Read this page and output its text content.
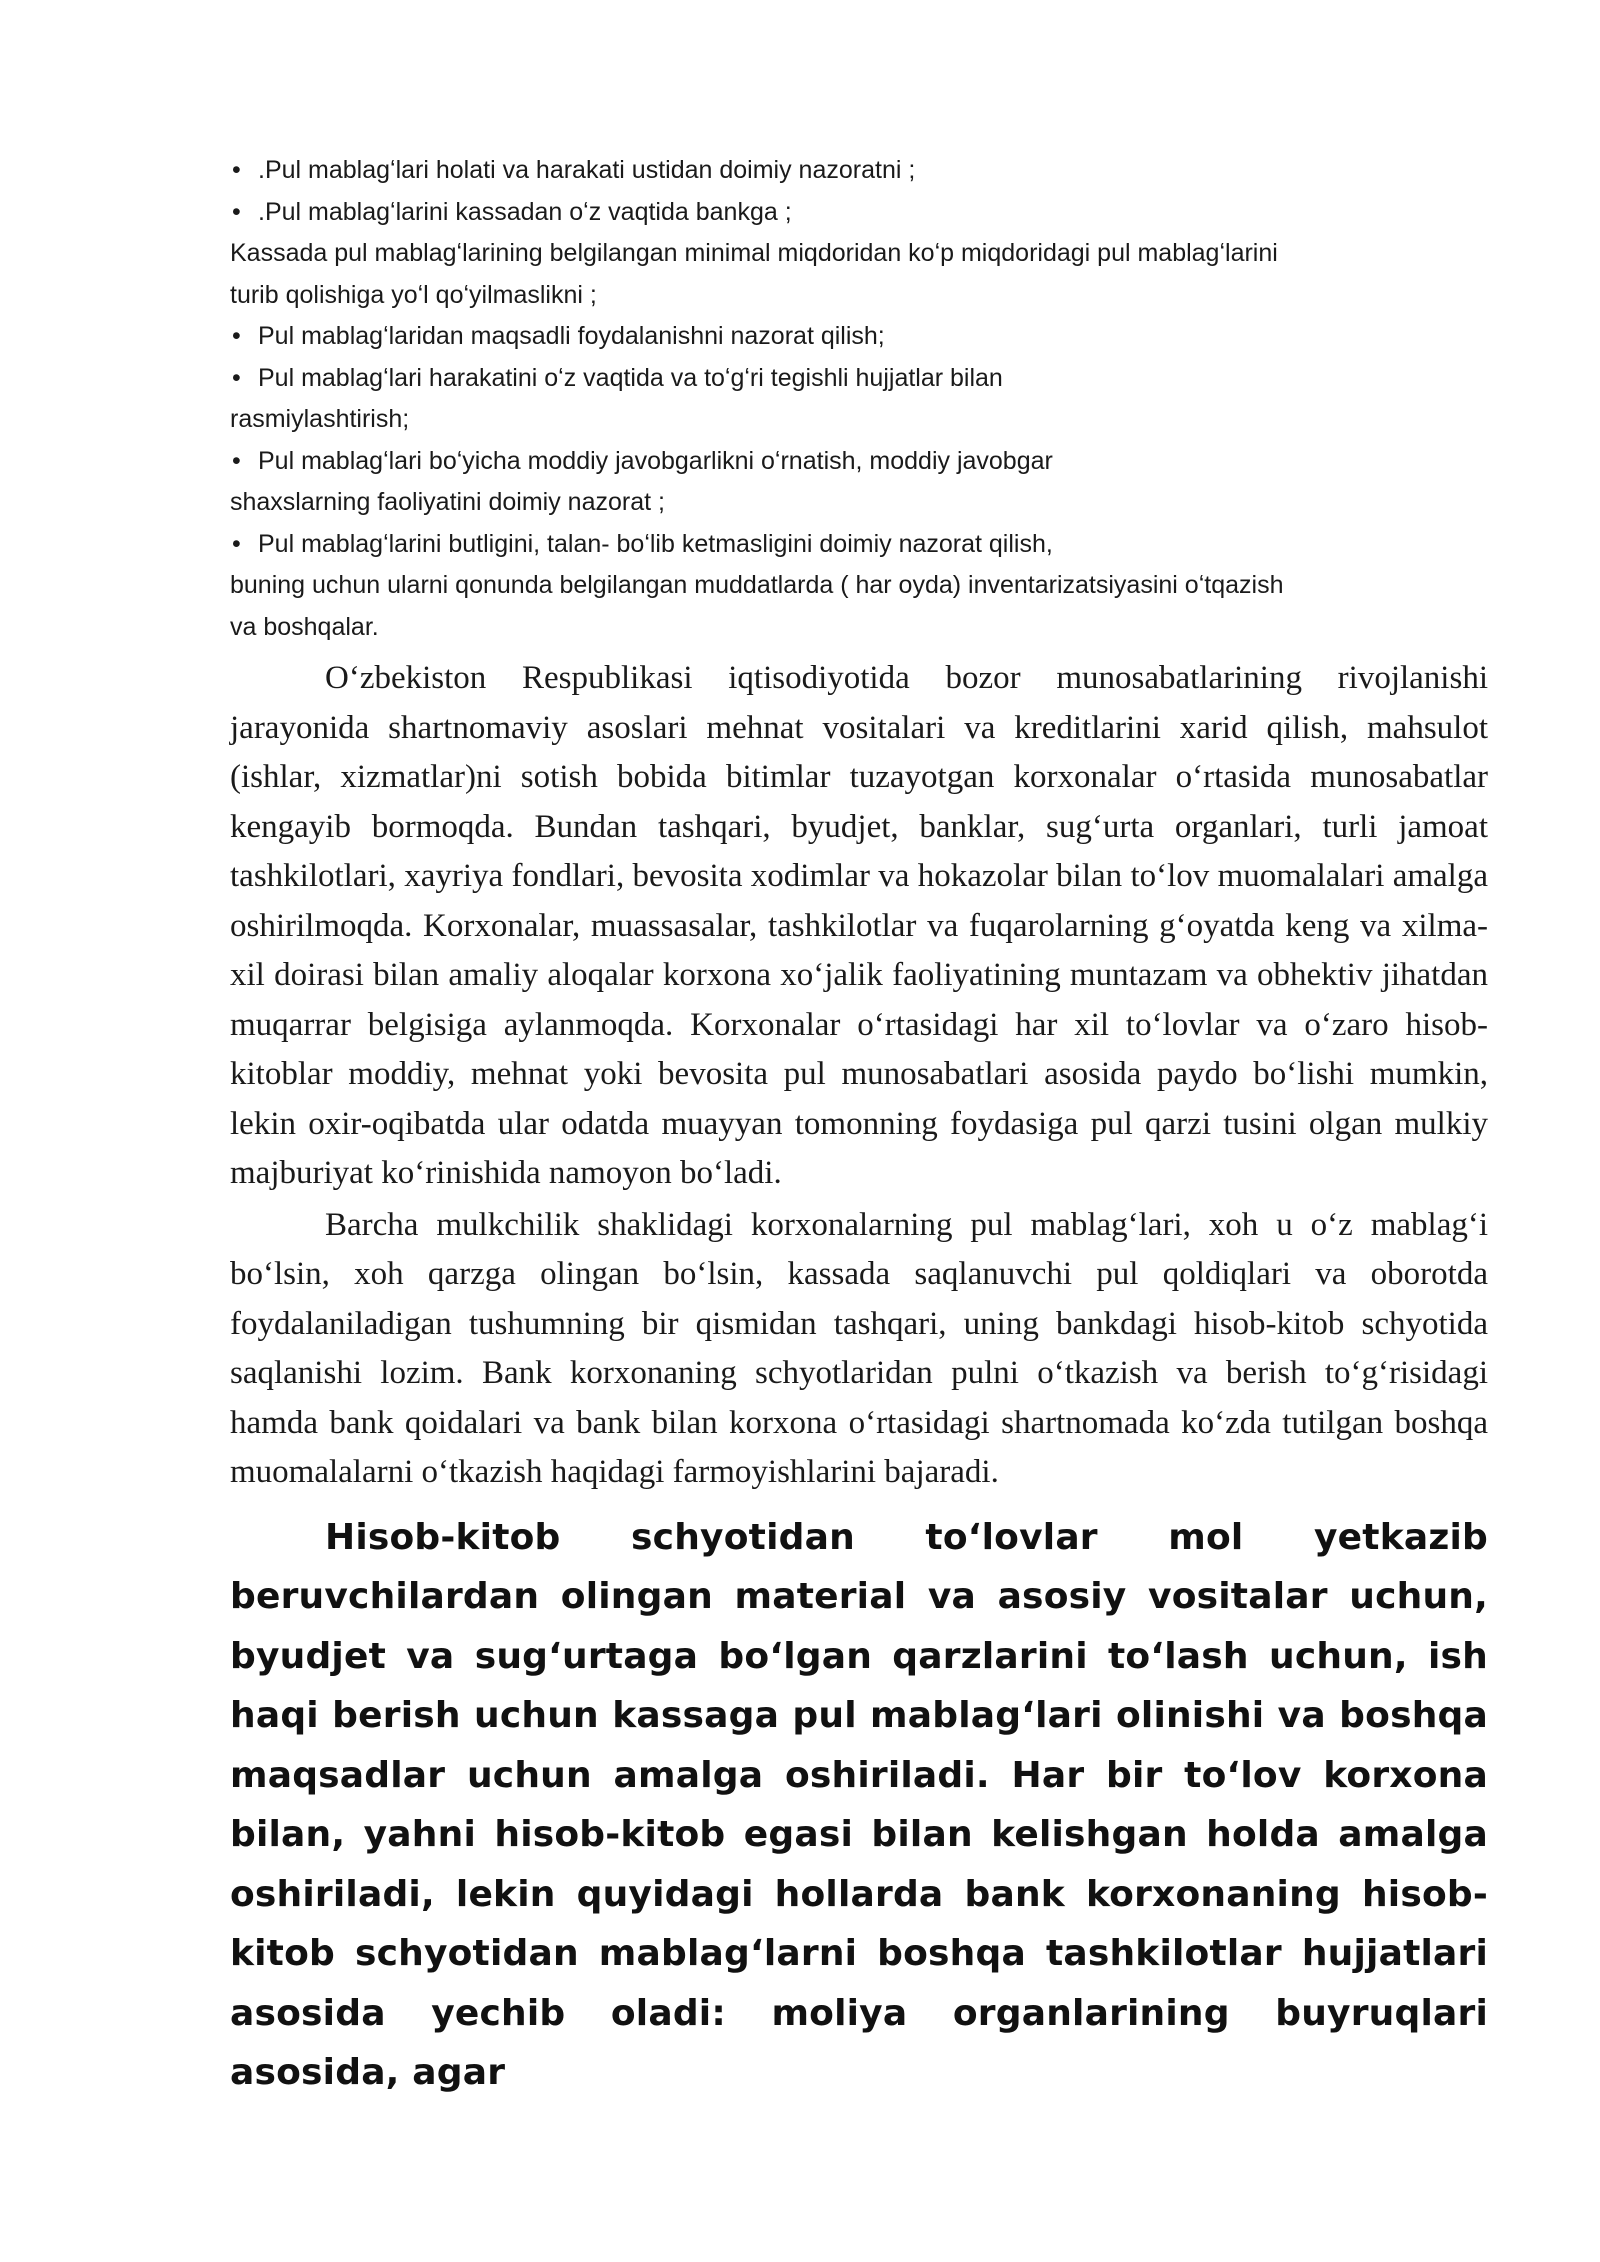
• .Pul mablagʻlari holati va harakati ustidan doimiy nazoratni ;

• .Pul mablagʻlarini kassadan oʻz vaqtida bankga ;

Kassada pul mablagʻlarining belgilangan minimal miqdoridan koʻp miqdoridagi pul mablagʻlarini

turib qolishiga yoʻl qoʻyilmaslikni ;

• Pul mablagʻlaridan maqsadli foydalanishni nazorat qilish;

• Pul mablagʻlari harakatini oʻz vaqtida va toʻgʻri tegishli hujjatlar bilan

rasmiylashtirish;

• Pul mablagʻlari boʻyicha moddiy javobgarlikni oʻrnatish, moddiy javobgar

shaxslarning faoliyatini doimiy nazorat ;

• Pul mablagʻlarini butligini, talan- boʻlib ketmasligini doimiy nazorat qilish,

buning uchun ularni qonunda belgilangan muddatlarda ( har oyda) inventarizatsiyasini oʻtqazish

va boshqalar.

Oʻzbekiston Respublikasi iqtisodiyotida bozor munosabatlarining rivojlanishi jarayonida shartnomaviy asoslari mehnat vositalari va kreditlarini xarid qilish, mahsulot (ishlar, xizmatlar)ni sotish bobida bitimlar tuzayotgan korxonalar oʻrtasida munosabatlar kengayib bormoqda. Bundan tashqari, byudjet, banklar, sugʻurta organlari, turli jamoat tashkilotlari, xayriya fondlari, bevosita xodimlar va hokazolar bilan toʻlov muomalalari amalga oshirilmoqda. Korxonalar, muassasalar, tashkilotlar va fuqarolarning gʻoyatda keng va xilma-xil doirasi bilan amaliy aloqalar korxona xoʻjalik faoliyatining muntazam va obhektiv jihatdan muqarrar belgisiga aylanmoqda. Korxonalar oʻrtasidagi har xil toʻlovlar va oʻzaro hisob-kitoblar moddiy, mehnat yoki bevosita pul munosabatlari asosida paydo boʻlishi mumkin, lekin oxir-oqibatda ular odatda muayyan tomonning foydasiga pul qarzi tusini olgan mulkiy majburiyat koʻrinishida namoyon boʻladi.

Barcha mulkchilik shaklidagi korxonalarning pul mablagʻlari, xoh u oʻz mablagʻi boʻlsin, xoh qarzga olingan boʻlsin, kassada saqlanuvchi pul qoldiqlari va oborotda foydalaniladigan tushumning bir qismidan tashqari, uning bankdagi hisob-kitob schyotida saqlanishi lozim. Bank korxonaning schyotlaridan pulni oʻtkazish va berish toʻgʻrisidagi hamda bank qoidalari va bank bilan korxona oʻrtasidagi shartnomada koʻzda tutilgan boshqa muomalalarni oʻtkazish haqidagi farmoyishlarini bajaradi.

Hisob-kitob schyotidan toʻlovlar mol yetkazib beruvchilardan olingan material va asosiy vositalar uchun, byudjet va sugʻurtaga boʻlgan qarzlarini toʻlash uchun, ish haqi berish uchun kassaga pul mablagʻlari olinishi va boshqa maqsadlar uchun amalga oshiriladi. Har bir toʻlov korxona bilan, yahni hisob-kitob egasi bilan kelishgan holda amalga oshiriladi, lekin quyidagi hollarda bank korxonaning hisob-kitob schyotidan mablagʻlarni boshqa tashkilotlar hujjatlari asosida yechib oladi: moliya organlarining buyruqlari asosida, agar
